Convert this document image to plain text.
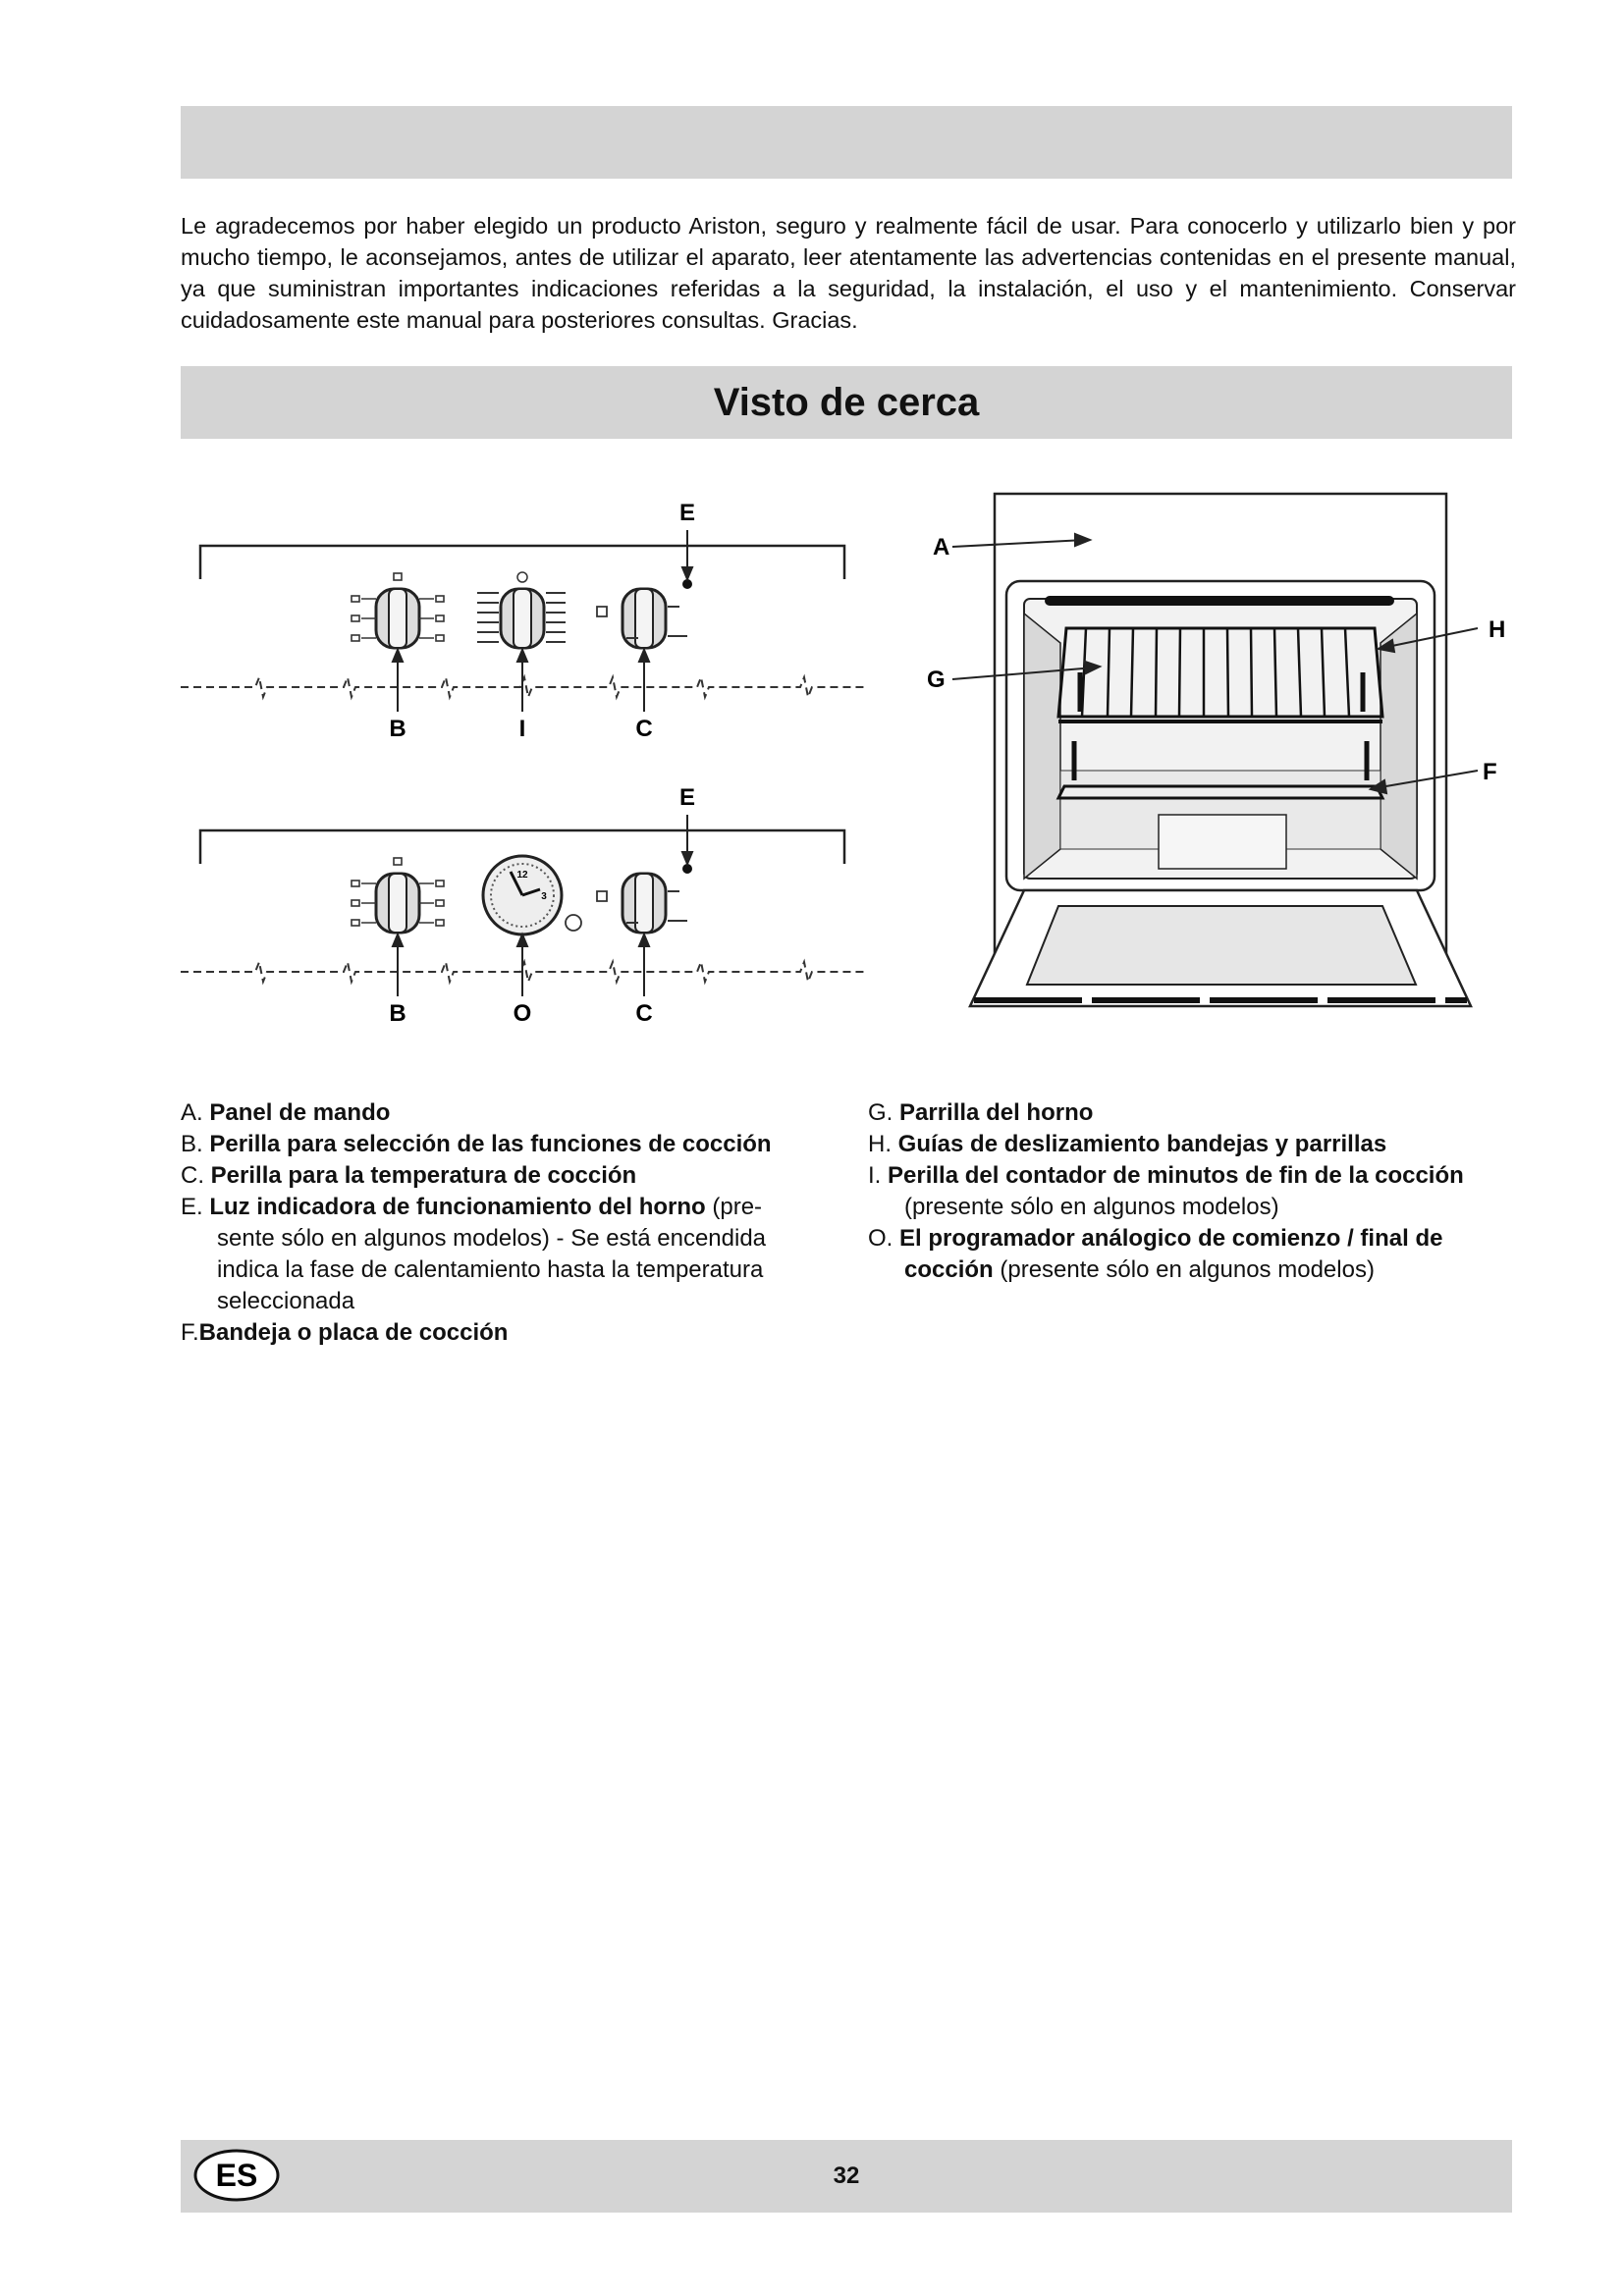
Le agradecemos por haber elegido un producto Ariston, seguro y realmente fácil de usar. Para conocerlo y utilizarlo bien y por mucho tiempo, le aconsejamos, antes de utilizar el aparato, leer atentamente las advertencias contenidas en el presente manual, ya que suministran importantes indicaciones referidas a la seguridad, la instalación, el uso y el mantenimiento. Conservar cuidadosamente este manual para posteriores consultas. Gracias.

Visto de cerca
E
B	I	C
12
3
E
B	O	C
A
G
H
F

A. Panel de mando

B. Perilla para selección de las funciones de cocción

C. Perilla para la temperatura de cocción

E. Luz indicadora de funcionamiento del horno (pre-

sente sólo en algunos modelos) - Se está encendida
indica la fase de calentamiento hasta la temperatura
seleccionada

F.Bandeja o placa de cocción

G. Parrilla del horno

H. Guías de deslizamiento bandejas y parrillas

I. Perilla del contador de minutos de fin de la cocción

(presente sólo en algunos modelos)

O. El programador análogico de comienzo / final de

cocción (presente sólo en algunos modelos)
ES	32
